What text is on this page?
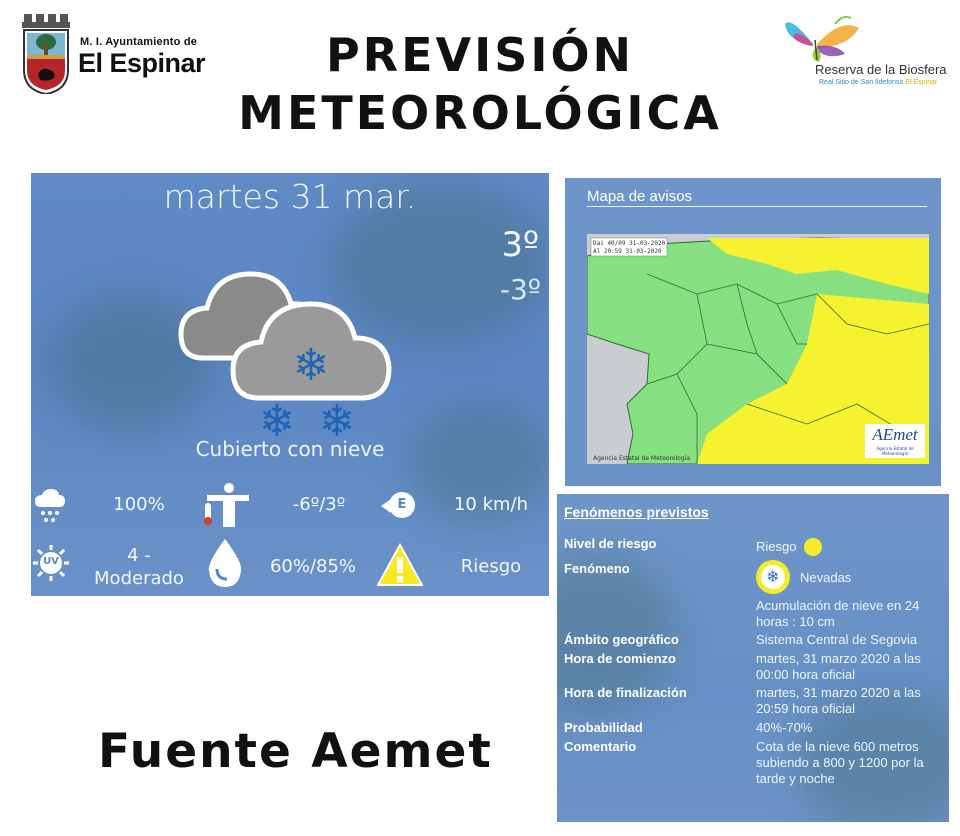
M. I. Ayuntamiento de
El Espinar	PREVISIÓN
METEOROLÓGICA
Reserva de la Biosfera
Real Sitio de San Ildefonso El Espinar
martes 31 mar.
3º
-3º
❄
❄ ❄
Cubierto con nieve
100%	-6º/3º	E	10 km/h
UV	4 -
Moderado
60%/85%	Riesgo
Mapa de avisos
Dai 40/09 31-03-2020
Al 20:59 31-03-2020
Agencia Estatal de Meteorología
AEmet
Agencia Estatal de Meteorología
Fenómenos previstos
Nivel de riesgo	Riesgo
Fenómeno	❄	Nevadas
Acumulación de nieve en 24
horas : 10 cm
Ámbito geográfico	Sistema Central de Segovia
Hora de comienzo	martes, 31 marzo 2020 a las
00:00 hora oficial
Hora de finalización	martes, 31 marzo 2020 a las
20:59 hora oficial
Probabilidad	40%-70%
Comentario	Cota de la nieve 600 metros
subiendo a 800 y 1200 por la
tarde y noche
Fuente Aemet
